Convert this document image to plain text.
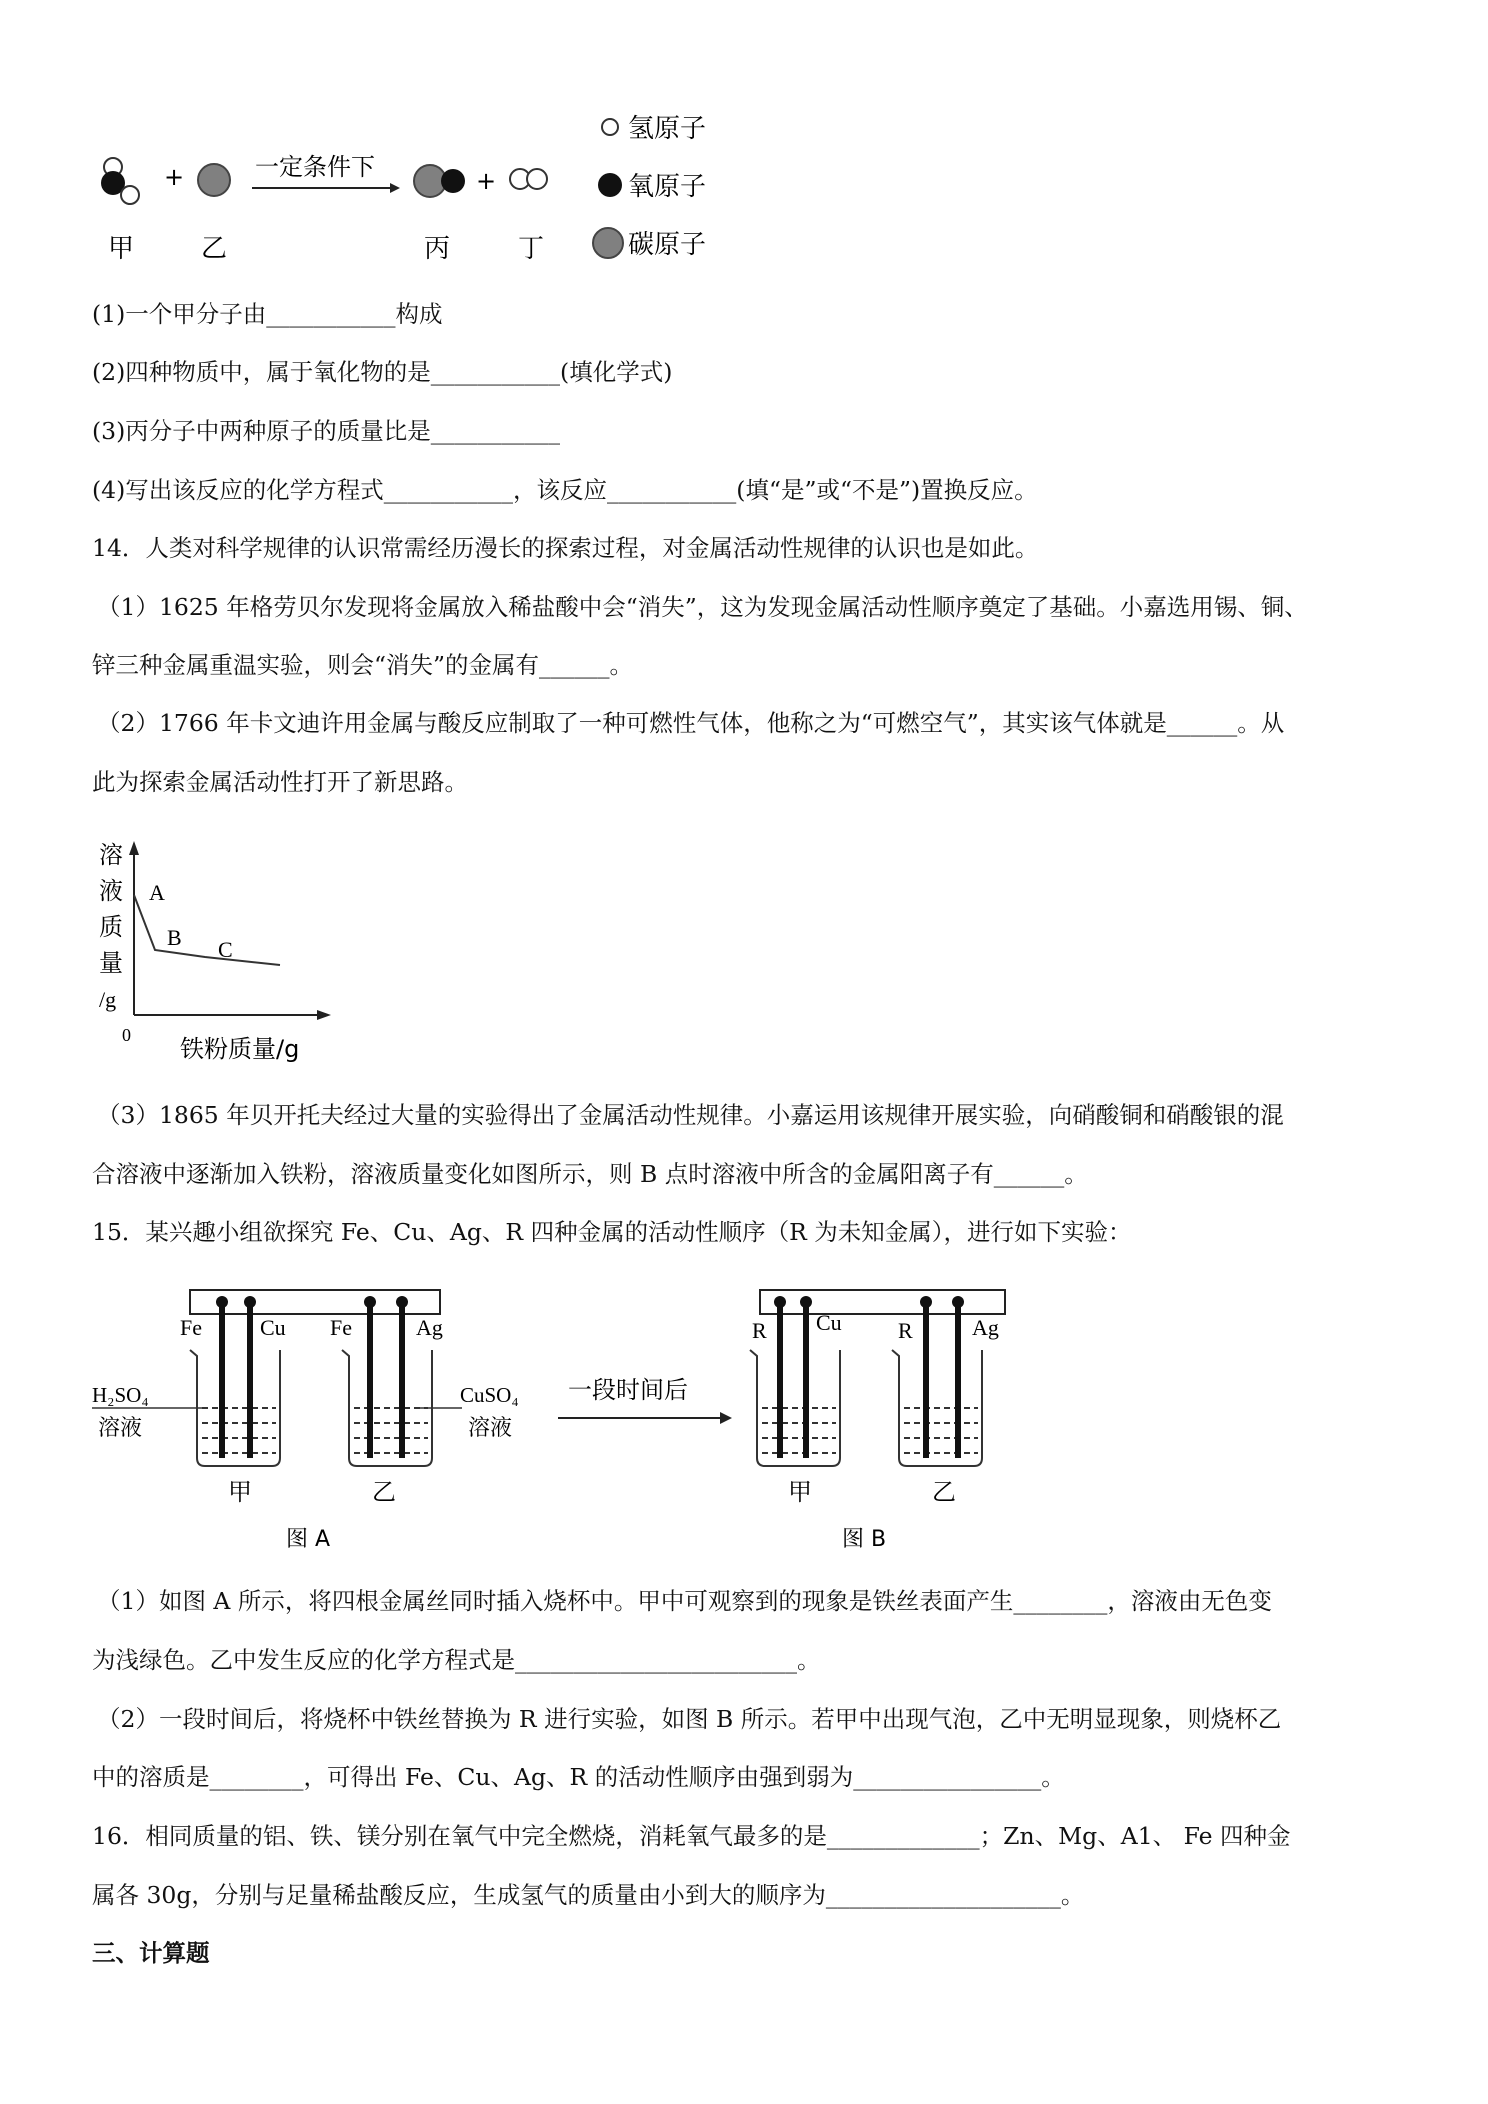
+	一定条件下	+
甲	乙	丙	丁
氢原子
氧原子
碳原子
(1)一个甲分子由___________构成
(2)四种物质中，属于氧化物的是___________(填化学式)
(3)丙分子中两种原子的质量比是___________
(4)写出该反应的化学方程式___________，该反应___________(填“是”或“不是”)置换反应。
14．人类对科学规律的认识常需经历漫长的探索过程，对金属活动性规律的认识也是如此。
（1）1625 年格劳贝尔发现将金属放入稀盐酸中会“消失”，这为发现金属活动性顺序奠定了基础。小嘉选用锡、铜、
锌三种金属重温实验，则会“消失”的金属有______。
（2）1766 年卡文迪许用金属与酸反应制取了一种可燃性气体，他称之为“可燃空气”，其实该气体就是______。从
此为探索金属活动性打开了新思路。
溶
液
质
量
/g
0 铁粉质量/g
A
B C
（3）1865 年贝开托夫经过大量的实验得出了金属活动性规律。小嘉运用该规律开展实验，向硝酸铜和硝酸银的混
合溶液中逐渐加入铁粉，溶液质量变化如图所示，则 B 点时溶液中所含的金属阳离子有______。
15．某兴趣小组欲探究 Fe、Cu、Ag、R 四种金属的活动性顺序（R 为未知金属），进行如下实验：
Fe	Cu Fe	Ag
H₂SO₄
溶液
CuSO₄
溶液
甲	乙
图 A
一段时间后
R Cu	R	Ag
甲	乙
图 B
（1）如图 A 所示，将四根金属丝同时插入烧杯中。甲中可观察到的现象是铁丝表面产生________，溶液由无色变
为浅绿色。乙中发生反应的化学方程式是________________________。
（2）一段时间后，将烧杯中铁丝替换为 R 进行实验，如图 B 所示。若甲中出现气泡，乙中无明显现象，则烧杯乙
中的溶质是________，可得出 Fe、Cu、Ag、R 的活动性顺序由强到弱为________________。
16．相同质量的铝、铁、镁分别在氧气中完全燃烧，消耗氧气最多的是_____________；Zn、Mg、A1、 Fe 四种金
属各 30g，分别与足量稀盐酸反应，生成氢气的质量由小到大的顺序为____________________。
三、计算题
